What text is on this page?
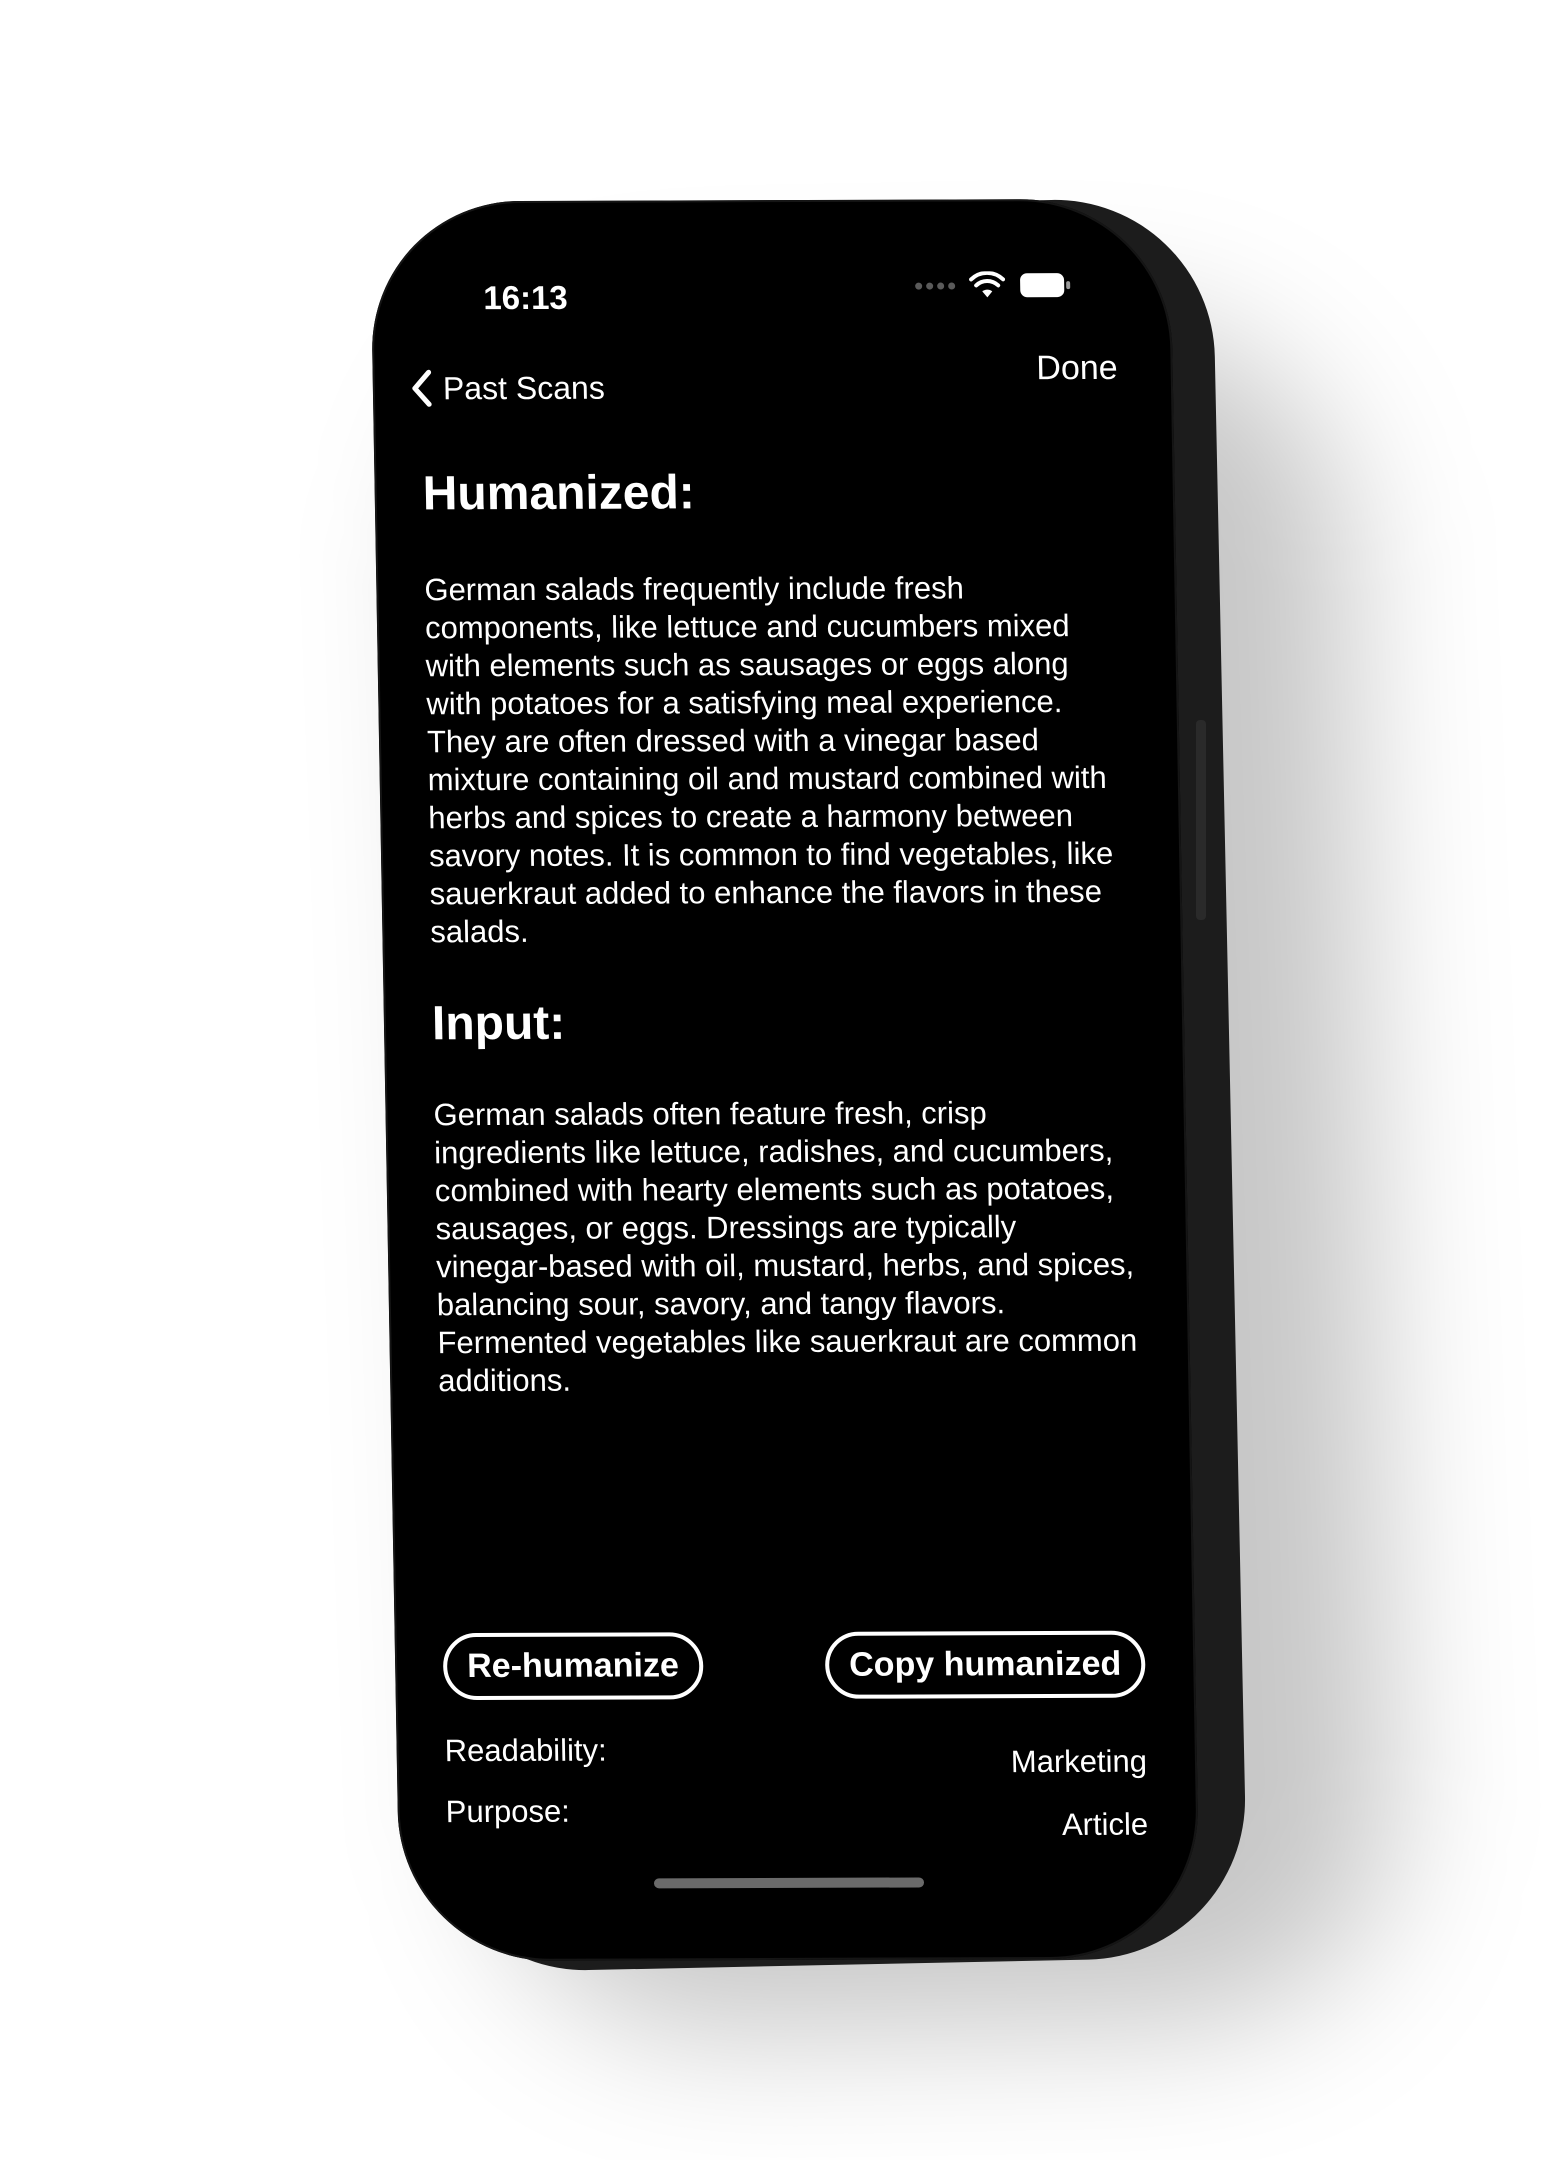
16:13
Past Scans
Done
Humanized:
German salads frequently include fresh components, like lettuce and cucumbers mixed with elements such as sausages or eggs along with potatoes for a satisfying meal experience. They are often dressed with a vinegar based mixture containing oil and mustard combined with herbs and spices to create a harmony between savory notes. It is common to find vegetables, like sauerkraut added to enhance the flavors in these salads.
Input:
German salads often feature fresh, crisp ingredients like lettuce, radishes, and cucumbers, combined with hearty elements such as potatoes, sausages, or eggs. Dressings are typically vinegar-based with oil, mustard, herbs, and spices, balancing sour, savory, and tangy flavors. Fermented vegetables like sauerkraut are common additions.
Re-humanize	Copy humanized
Readability:	Marketing
Purpose:	Article
